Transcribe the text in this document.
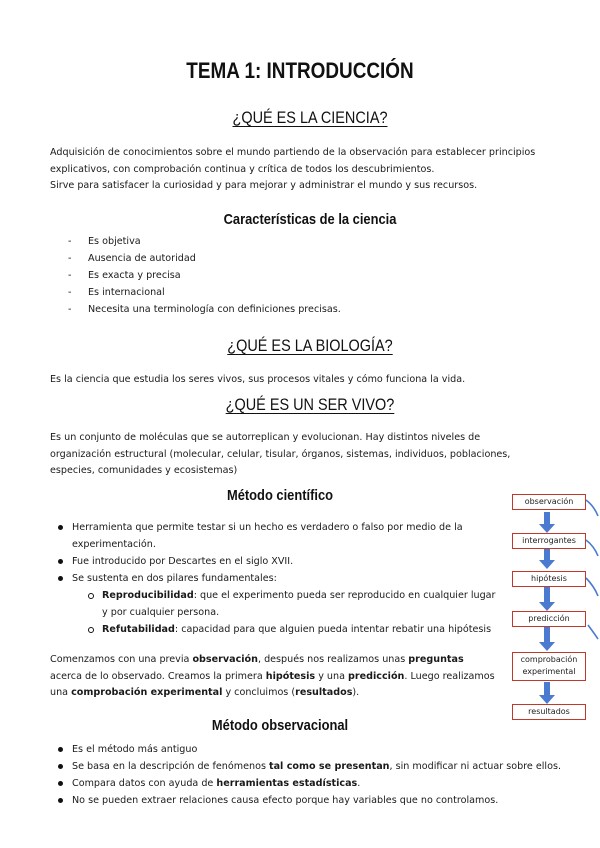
TEMA 1: INTRODUCCIÓN
¿QUÉ ES LA CIENCIA?

Adquisición de conocimientos sobre el mundo partiendo de la observación para establecer principios

explicativos, con comprobación continua y crítica de todos los descubrimientos.

Sirve para satisfacer la curiosidad y para mejorar y administrar el mundo y sus recursos.

Características de la ciencia
- Es objetiva
- Ausencia de autoridad
- Es exacta y precisa
- Es internacional
- Necesita una terminología con definiciones precisas.
¿QUÉ ES LA BIOLOGÍA?

Es la ciencia que estudia los seres vivos, sus procesos vitales y cómo funciona la vida.

¿QUÉ ES UN SER VIVO?

Es un conjunto de moléculas que se autorreplican y evolucionan. Hay distintos niveles de

organización estructural (molecular, celular, tisular, órganos, sistemas, individuos, poblaciones,

especies, comunidades y ecosistemas)

Método científico
Herramienta que permite testar si un hecho es verdadero o falso por medio de la
experimentación.
Fue introducido por Descartes en el siglo XVII.
Se sustenta en dos pilares fundamentales:
Reproducibilidad: que el experimento pueda ser reproducido en cualquier lugar
y por cualquier persona.
Refutabilidad: capacidad para que alguien pueda intentar rebatir una hipótesis

Comenzamos con una previa observación, después nos realizamos unas preguntas

acerca de lo observado. Creamos la primera hipótesis y una predicción. Luego realizamos

una comprobación experimental y concluimos (resultados).

observación
interrogantes
hipótesis
predicción
comprobación
experimental
resultados
Método observacional
Es el método más antiguo
Se basa en la descripción de fenómenos tal como se presentan, sin modificar ni actuar sobre ellos.
Compara datos con ayuda de herramientas estadísticas.
No se pueden extraer relaciones causa efecto porque hay variables que no controlamos.
